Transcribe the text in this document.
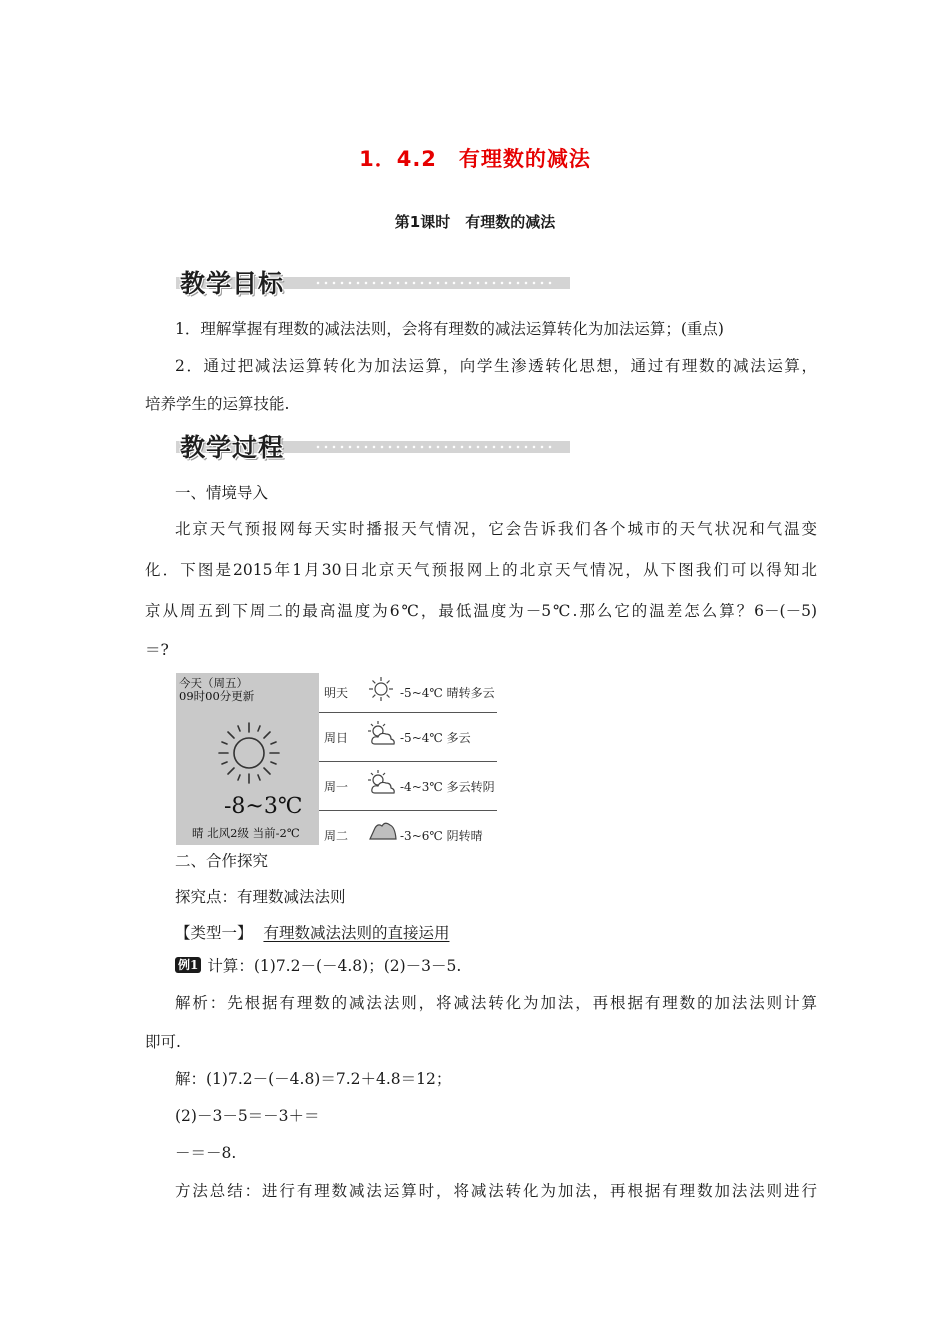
1．4.2　有理数的减法
第1课时　有理数的减法
教学目标
1．理解掌握有理数的减法法则，会将有理数的减法运算转化为加法运算；(重点)
2．通过把减法运算转化为加法运算，向学生渗透转化思想，通过有理数的减法运算，
培养学生的运算技能.
教学过程
一、情境导入
北京天气预报网每天实时播报天气情况，它会告诉我们各个城市的天气状况和气温变
化．下图是2015年1月30日北京天气预报网上的北京天气情况，从下图我们可以得知北
京从周五到下周二的最高温度为6℃，最低温度为－5℃.那么它的温差怎么算？6－(－5)
＝?
今天（周五）
09时00分更新
-8~3℃
晴 北风2级 当前-2℃
明天	-5~4℃ 晴转多云
周日	-5~4℃ 多云
周一	-4~3℃ 多云转阴
周二	-3~6℃ 阴转晴
二、合作探究
探究点：有理数减法法则
【类型一】 有理数减法法则的直接运用
例1 计算：(1)7.2－(－4.8)；(2)－3－5.
解析：先根据有理数的减法法则，将减法转化为加法，再根据有理数的加法法则计算
即可.
解：(1)7.2－(－4.8)＝7.2＋4.8＝12；
(2)－3－5＝－3＋＝
－＝－8.
方法总结：进行有理数减法运算时，将减法转化为加法，再根据有理数加法法则进行
